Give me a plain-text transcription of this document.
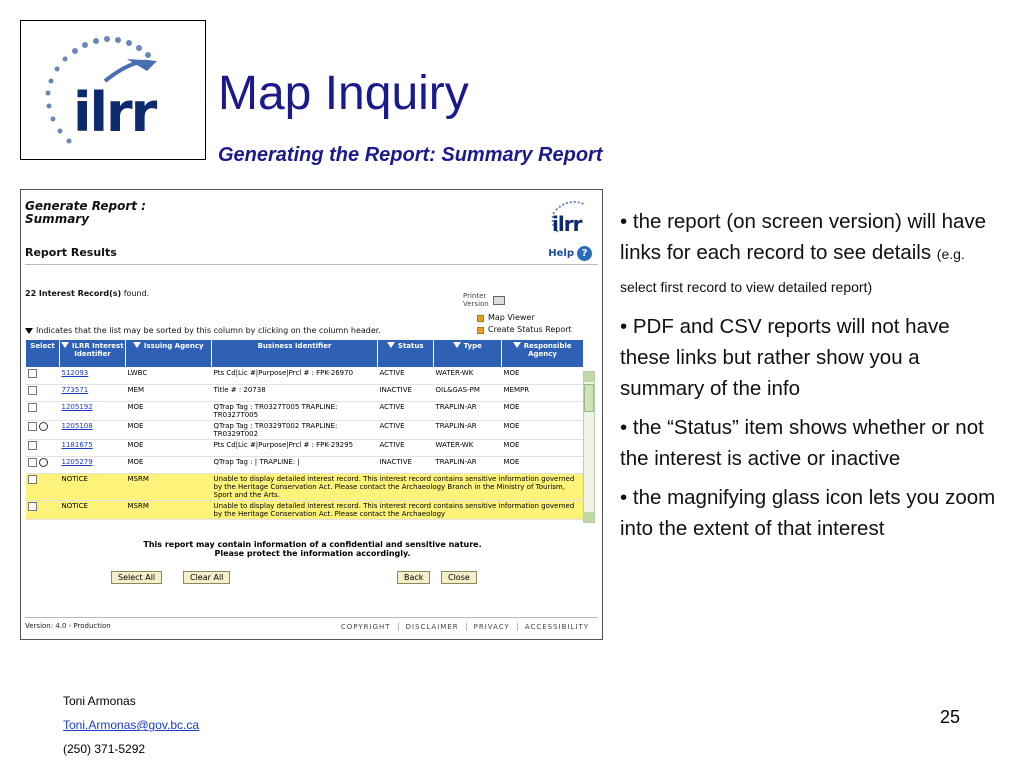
ilrr Map Inquiry
Generating the Report: Summary Report
Generate Report :
Summary	ilrr
Report Results	Help ?
22 Interest Record(s) found.	Printer
Version
Map Viewer
Create Status Report
Indicates that the list may be sorted by this column by clicking on the column header.
Select	ILRR Interest Identifier	Issuing Agency	Business Identifier	Status	Type	Responsible Agency
	512093	LWBC	Pts Cd|Lic #|Purpose|Prcl # : FPK-26970	ACTIVE	WATER-WK	MOE
	773571	MEM	Title # : 20738	INACTIVE	OIL&GAS-PM	MEMPR
	1205192	MOE	QTrap Tag : TR0327T005 TRAPLINE: TR0327T005	ACTIVE	TRAPLIN-AR	MOE
	1205108	MOE	QTrap Tag : TR0329T002 TRAPLINE: TR0329T002	ACTIVE	TRAPLIN-AR	MOE
	1181675	MOE	Pts Cd|Lic #|Purpose|Prcl # : FPK-29295	ACTIVE	WATER-WK	MOE
	1205279	MOE	QTrap Tag : | TRAPLINE: |	INACTIVE	TRAPLIN-AR	MOE
	NOTICE	MSRM	Unable to display detailed interest record. This interest record contains sensitive information governed by the Heritage Conservation Act. Please contact the Archaeology Branch in the Ministry of Tourism, Sport and the Arts.			
	NOTICE	MSRM	Unable to display detailed interest record. This interest record contains sensitive information governed by the Heritage Conservation Act. Please contact the Archaeology			
This report may contain information of a confidential and sensitive nature.
Please protect the information accordingly.
Select All	Clear All	Back	Close
Version: 4.0 - Production	COPYRIGHT	DISCLAIMER	PRIVACY	ACCESSIBILITY

• the report (on screen version) will have links for each record to see details (e.g. select first record to view detailed report)

• PDF and CSV reports will not have these links but rather show you a summary of the info

• the “Status” item shows whether or not the interest is active or inactive

• the magnifying glass icon lets you zoom into the extent of that interest

Toni Armonas
Toni.Armonas@gov.bc.ca
(250) 371-5292
25
